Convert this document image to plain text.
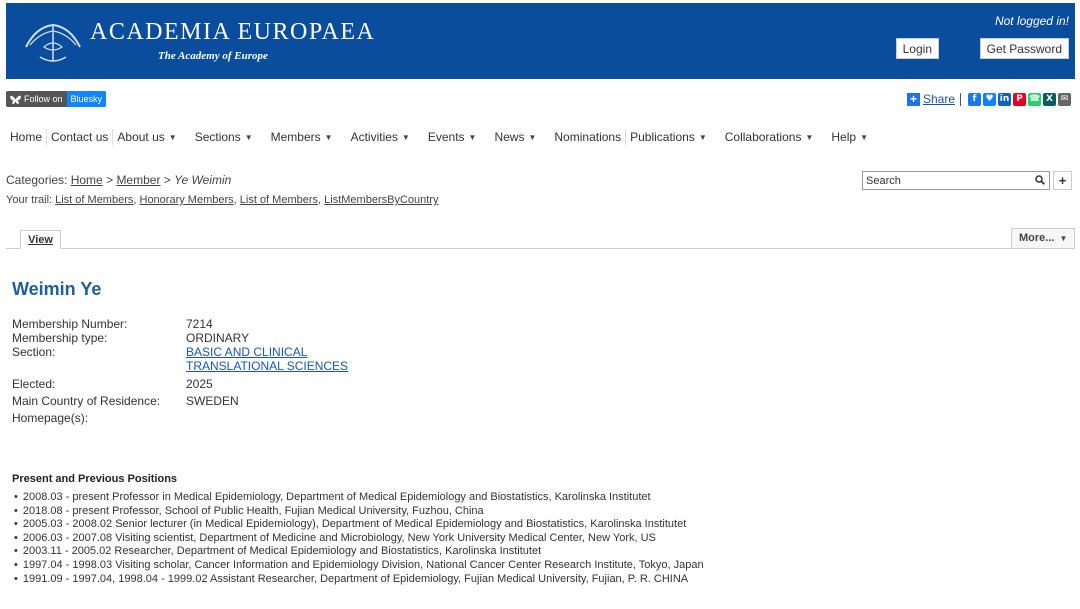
ACADEMIA EUROPAEA
The Academy of Europe
Not logged in!
Login	Get Password
Follow on Bluesky	+ Share	f	♥ in P ☎ X ✉
Home Contact us About us ▼ Sections ▼ Members ▼ Activities ▼ Events ▼ News ▼ Nominations Publications ▼ Collaborations ▼ Help ▼
Categories: Home > Member > Ye Weimin
Your trail: List of Members, Honorary Members, List of Members, ListMembersByCountry
Search
+
View	More... ▼
Weimin Ye
Membership Number:	7214
Membership type:	ORDINARY
Section:	BASIC AND CLINICAL
TRANSLATIONAL SCIENCES
Elected:	2025
Main Country of Residence: SWEDEN
Homepage(s):
Present and Previous Positions
• 2008.03 - present Professor in Medical Epidemiology, Department of Medical Epidemiology and Biostatistics, Karolinska Institutet
• 2018.08 - present Professor, School of Public Health, Fujian Medical University, Fuzhou, China
• 2005.03 - 2008.02 Senior lecturer (in Medical Epidemiology), Department of Medical Epidemiology and Biostatistics, Karolinska Institutet
• 2006.03 - 2007.08 Visiting scientist, Department of Medicine and Microbiology, New York University Medical Center, New York, US
• 2003.11 - 2005.02 Researcher, Department of Medical Epidemiology and Biostatistics, Karolinska Institutet
• 1997.04 - 1998.03 Visiting scholar, Cancer Information and Epidemiology Division, National Cancer Center Research Institute, Tokyo, Japan
• 1991.09 - 1997.04, 1998.04 - 1999.02 Assistant Researcher, Department of Epidemiology, Fujian Medical University, Fujian, P. R. CHINA
